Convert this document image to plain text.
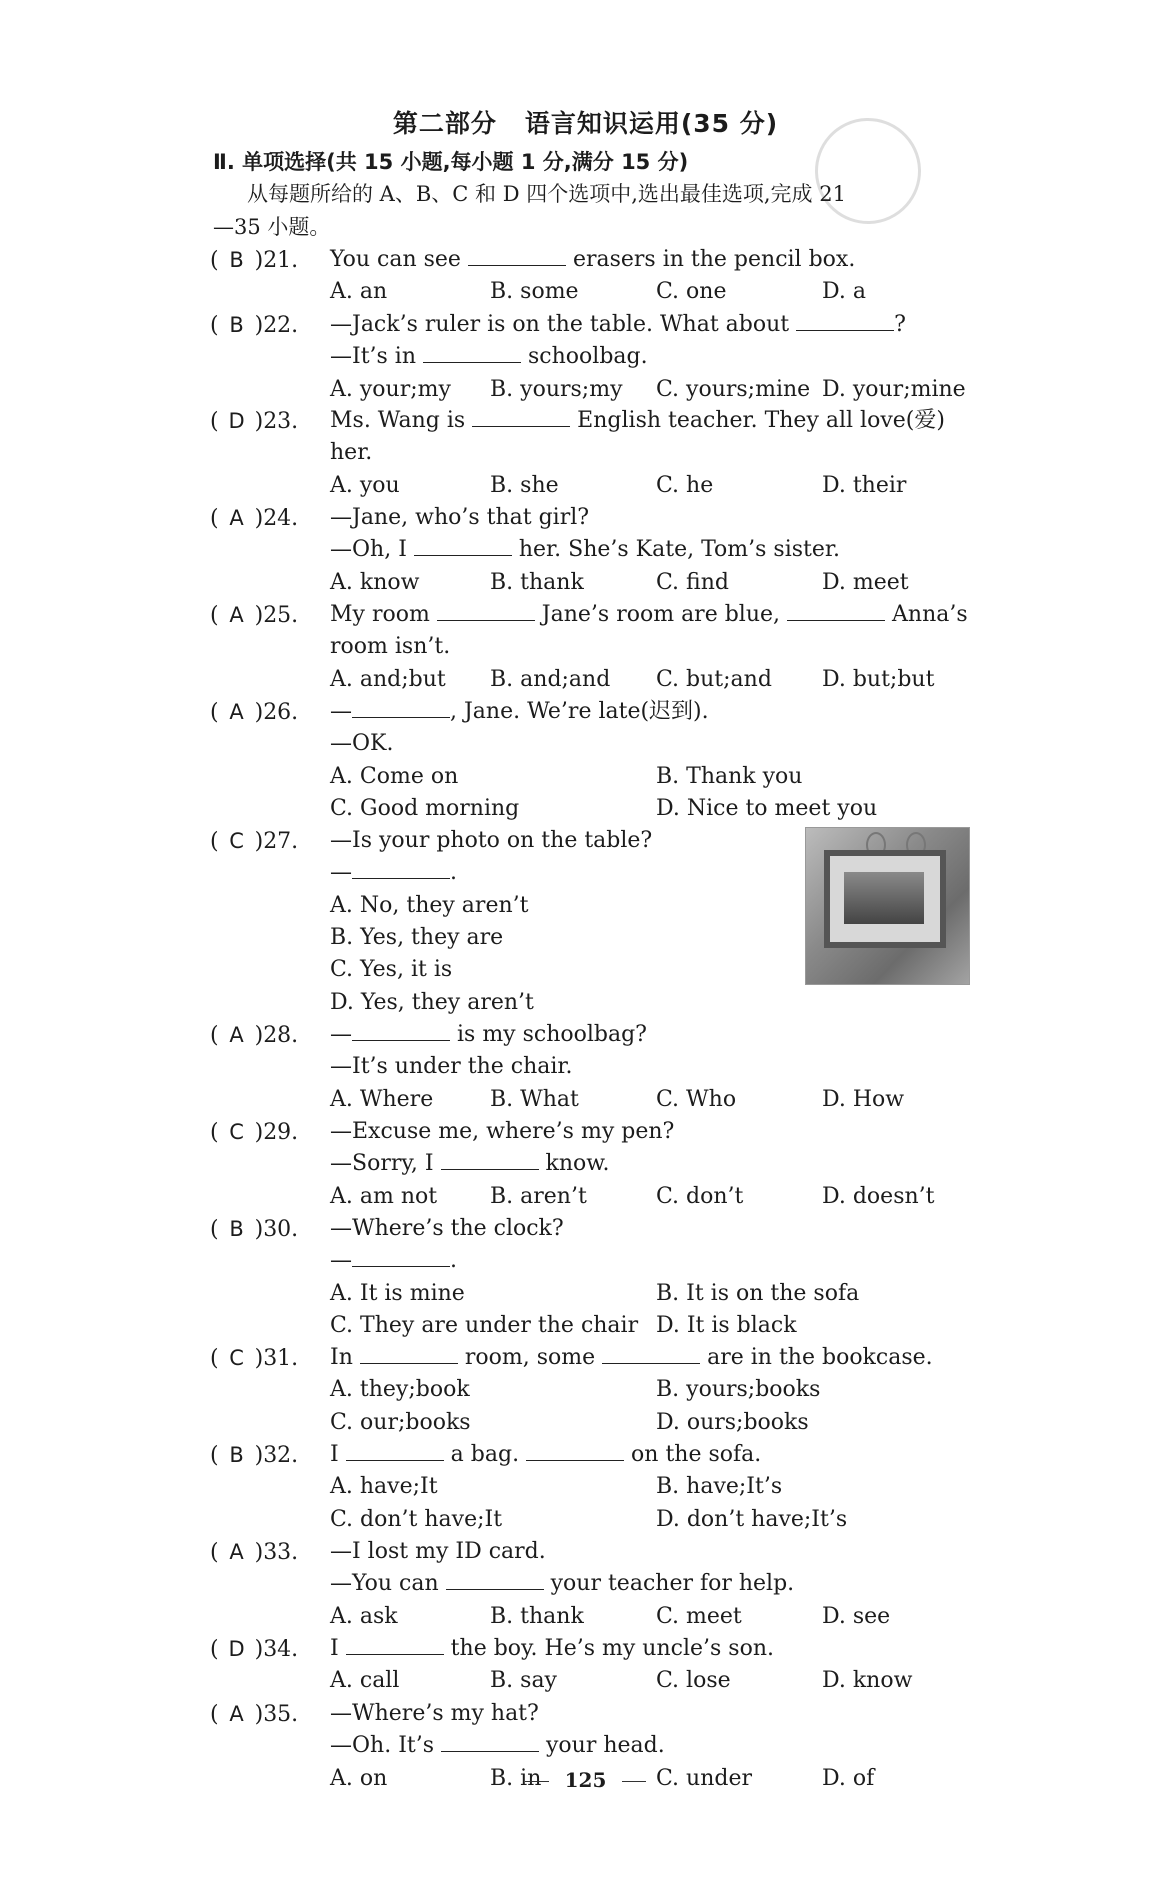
第二部分 语言知识运用(35 分)
Ⅱ. 单项选择(共 15 小题,每小题 1 分,满分 15 分)
从每题所给的 A、B、C 和 D 四个选项中,选出最佳选项,完成 21
—35 小题。
( B )21. You can see	erasers in the pencil box.
A. an	B. some	C. one	D. a
( B )22. —Jack’s ruler is on the table. What about	?
—It’s in	schoolbag.
A. your;my B. yours;my C. yours;mine D. your;mine
( D )23. Ms. Wang is	English teacher. They all love(爱)
her.
A. you	B. she	C. he	D. their
( A )24. —Jane, who’s that girl?
—Oh, I	her. She’s Kate, Tom’s sister.
A. know	B. thank	C. find	D. meet
( A )25. My room	Jane’s room are blue,	Anna’s
room isn’t.
A. and;but B. and;and C. but;and D. but;but
( A )26. —	, Jane. We’re late(迟到).
—OK.
A. Come on	B. Thank you
C. Good morning	D. Nice to meet you
( C )27. —Is your photo on the table?
—	.
A. No, they aren’t
B. Yes, they are
C. Yes, it is
D. Yes, they aren’t
( A )28. —	is my schoolbag?
—It’s under the chair.
A. Where	B. What	C. Who	D. How
( C )29. —Excuse me, where’s my pen?
—Sorry, I	know.
A. am not B. aren’t	C. don’t	D. doesn’t
( B )30. —Where’s the clock?
—	.
A. It is mine	B. It is on the sofa
C. They are under the chair D. It is black
( C )31. In	room, some	are in the bookcase.
A. they;book	B. yours;books
C. our;books	D. ours;books
( B )32. I	a bag.	on the sofa.
A. have;It	B. have;It’s
C. don’t have;It	D. don’t have;It’s
( A )33. —I lost my ID card.
—You can	your teacher for help.
A. ask	B. thank	C. meet	D. see
( D )34. I	the boy. He’s my uncle’s son.
A. call	B. say	C. lose	D. know
( A )35. —Where’s my hat?
—Oh. It’s	your head.
A. on	B. in	C. under	D. of
125
